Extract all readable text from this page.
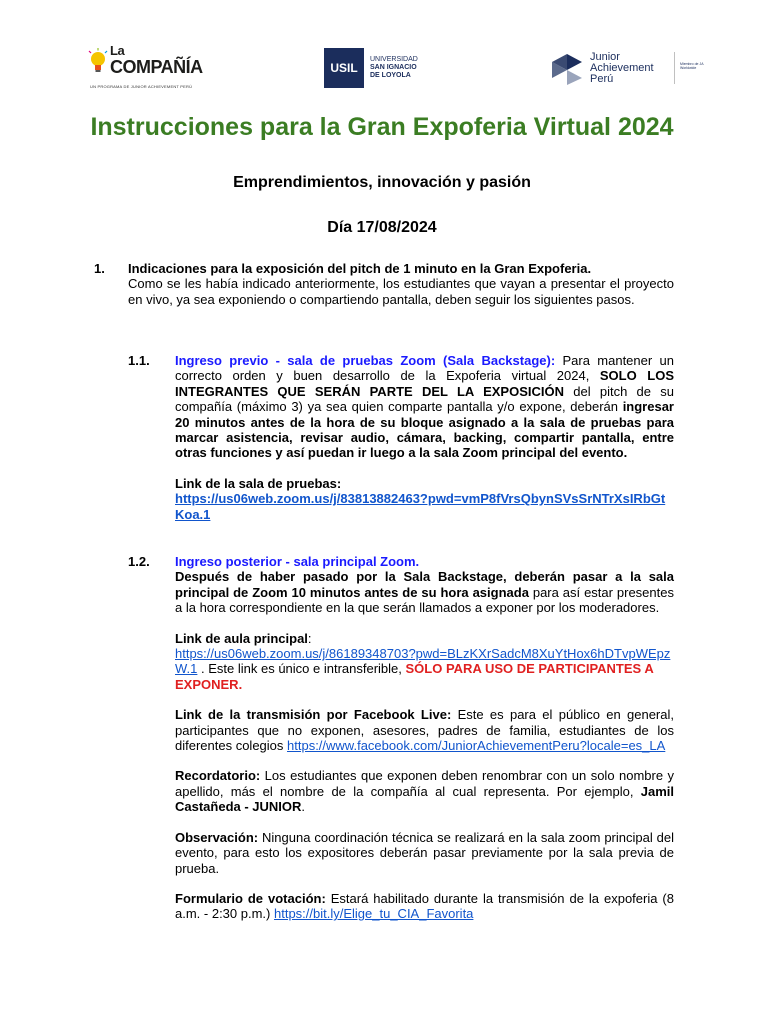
La
COMPAÑÍA
UN PROGRAMA DE JUNIOR ACHIEVEMENT PERÚ
USIL
UNIVERSIDAD
SAN IGNACIO
DE LOYOLA
Junior
Achievement
Perú
Miembro de JA Worldwide
Instrucciones para la Gran Expoferia Virtual 2024
Emprendimientos, innovación y pasión
Día 17/08/2024
1. Indicaciones para la exposición del pitch de 1 minuto en la Gran Expoferia.

Como se les había indicado anteriormente, los estudiantes que vayan a presentar el proyecto en vivo, ya sea exponiendo o compartiendo pantalla, deben seguir los siguientes pasos.

1.1. Ingreso previo - sala de pruebas Zoom (Sala Backstage): Para mantener un correcto orden y buen desarrollo de la Expoferia virtual 2024, SOLO LOS INTEGRANTES QUE SERÁN PARTE DEL LA EXPOSICIÓN del pitch de su compañía (máximo 3) ya sea quien comparte pantalla y/o expone, deberán ingresar 20 minutos antes de la hora de su bloque asignado a la sala de pruebas para marcar asistencia, revisar audio, cámara, backing, compartir pantalla, entre otras funciones y así puedan ir luego a la sala Zoom principal del evento.

Link de la sala de pruebas:

https://us06web.zoom.us/j/83813882463?pwd=vmP8fVrsQbynSVsSrNTrXsIRbGtKoa.1

1.2. Ingreso posterior - sala principal Zoom.

Después de haber pasado por la Sala Backstage, deberán pasar a la sala principal de Zoom 10 minutos antes de su hora asignada para así estar presentes a la hora correspondiente en la que serán llamados a exponer por los moderadores.

Link de aula principal:

https://us06web.zoom.us/j/86189348703?pwd=BLzKXrSadcM8XuYtHox6hDTvpWEpzW.1 . Este link es único e intransferible, SÓLO PARA USO DE PARTICIPANTES A EXPONER.

Link de la transmisión por Facebook Live: Este es para el público en general, participantes que no exponen, asesores, padres de familia, estudiantes de los diferentes colegios https://www.facebook.com/JuniorAchievementPeru?locale=es_LA

Recordatorio: Los estudiantes que exponen deben renombrar con un solo nombre y apellido, más el nombre de la compañía al cual representa. Por ejemplo, Jamil Castañeda - JUNIOR.

Observación: Ninguna coordinación técnica se realizará en la sala zoom principal del evento, para esto los expositores deberán pasar previamente por la sala previa de prueba.

Formulario de votación: Estará habilitado durante la transmisión de la expoferia (8 a.m. - 2:30 p.m.) https://bit.ly/Elige_tu_CIA_Favorita
